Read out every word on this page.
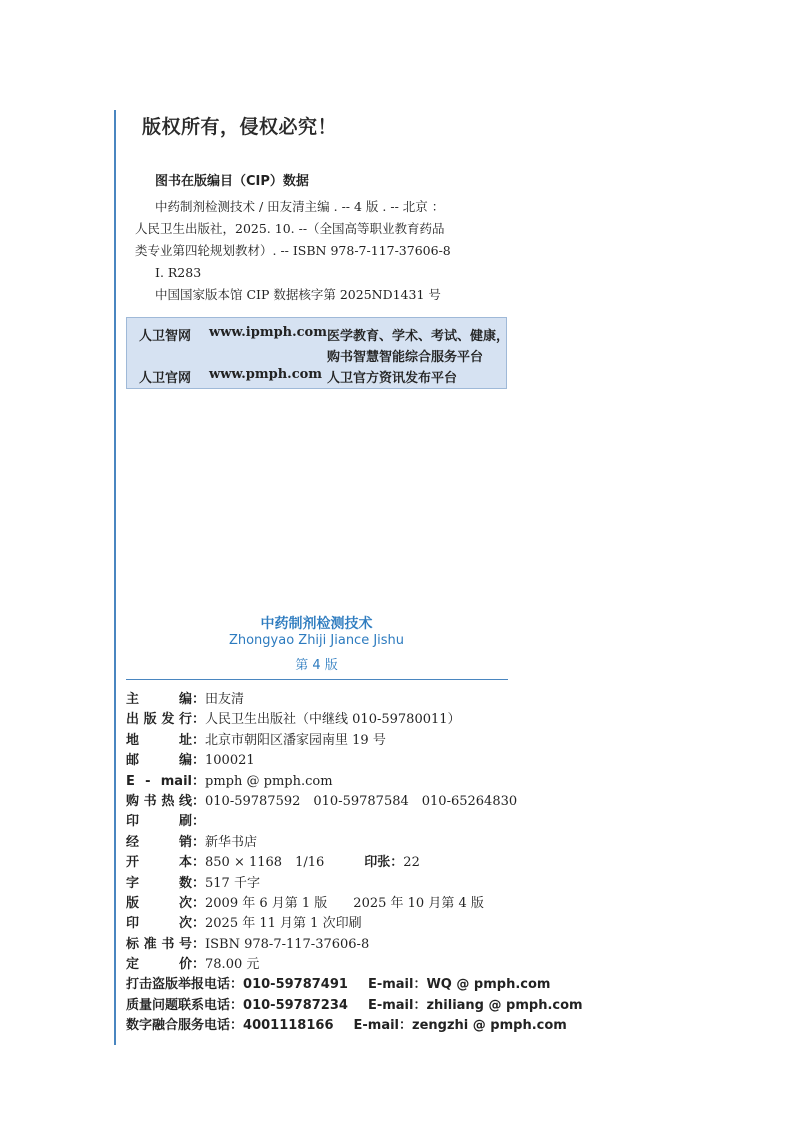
版权所有，侵权必究！
图书在版编目（CIP）数据
中药制剂检测技术 / 田友清主编 . -- 4 版 . -- 北京 ：
人民卫生出版社，2025. 10. --（全国高等职业教育药品
类专业第四轮规划教材）. -- ISBN 978-7-117-37606-8
Ⅰ. R283
中国国家版本馆 CIP 数据核字第 2025ND1431 号
人卫智网 www.ipmph.com 医学教育、学术、考试、健康，
购书智慧智能综合服务平台
人卫官网 www.pmph.com 人卫官方资讯发布平台
中药制剂检测技术
Zhongyao Zhiji Jiance Jishu
第 4 版
主　　编：田友清
出版发行：人民卫生出版社（中继线 010-59780011）
地　　址：北京市朝阳区潘家园南里 19 号
邮　　编：100021
E - mail：pmph @ pmph.com
购书热线：010-59787592　010-59787584　010-65264830
印　　刷：
经　　销：新华书店
开　　本：850 × 1168　1/16	印张：22
字　　数：517 千字
版　　次：2009 年 6 月第 1 版　　2025 年 10 月第 4 版
印　　次：2025 年 11 月第 1 次印刷
标准书号：ISBN 978-7-117-37606-8
定　　价：78.00 元
打击盗版举报电话：010-59787491 E-mail：WQ @ pmph.com
质量问题联系电话：010-59787234 E-mail：zhiliang @ pmph.com
数字融合服务电话：4001118166 E-mail：zengzhi @ pmph.com
